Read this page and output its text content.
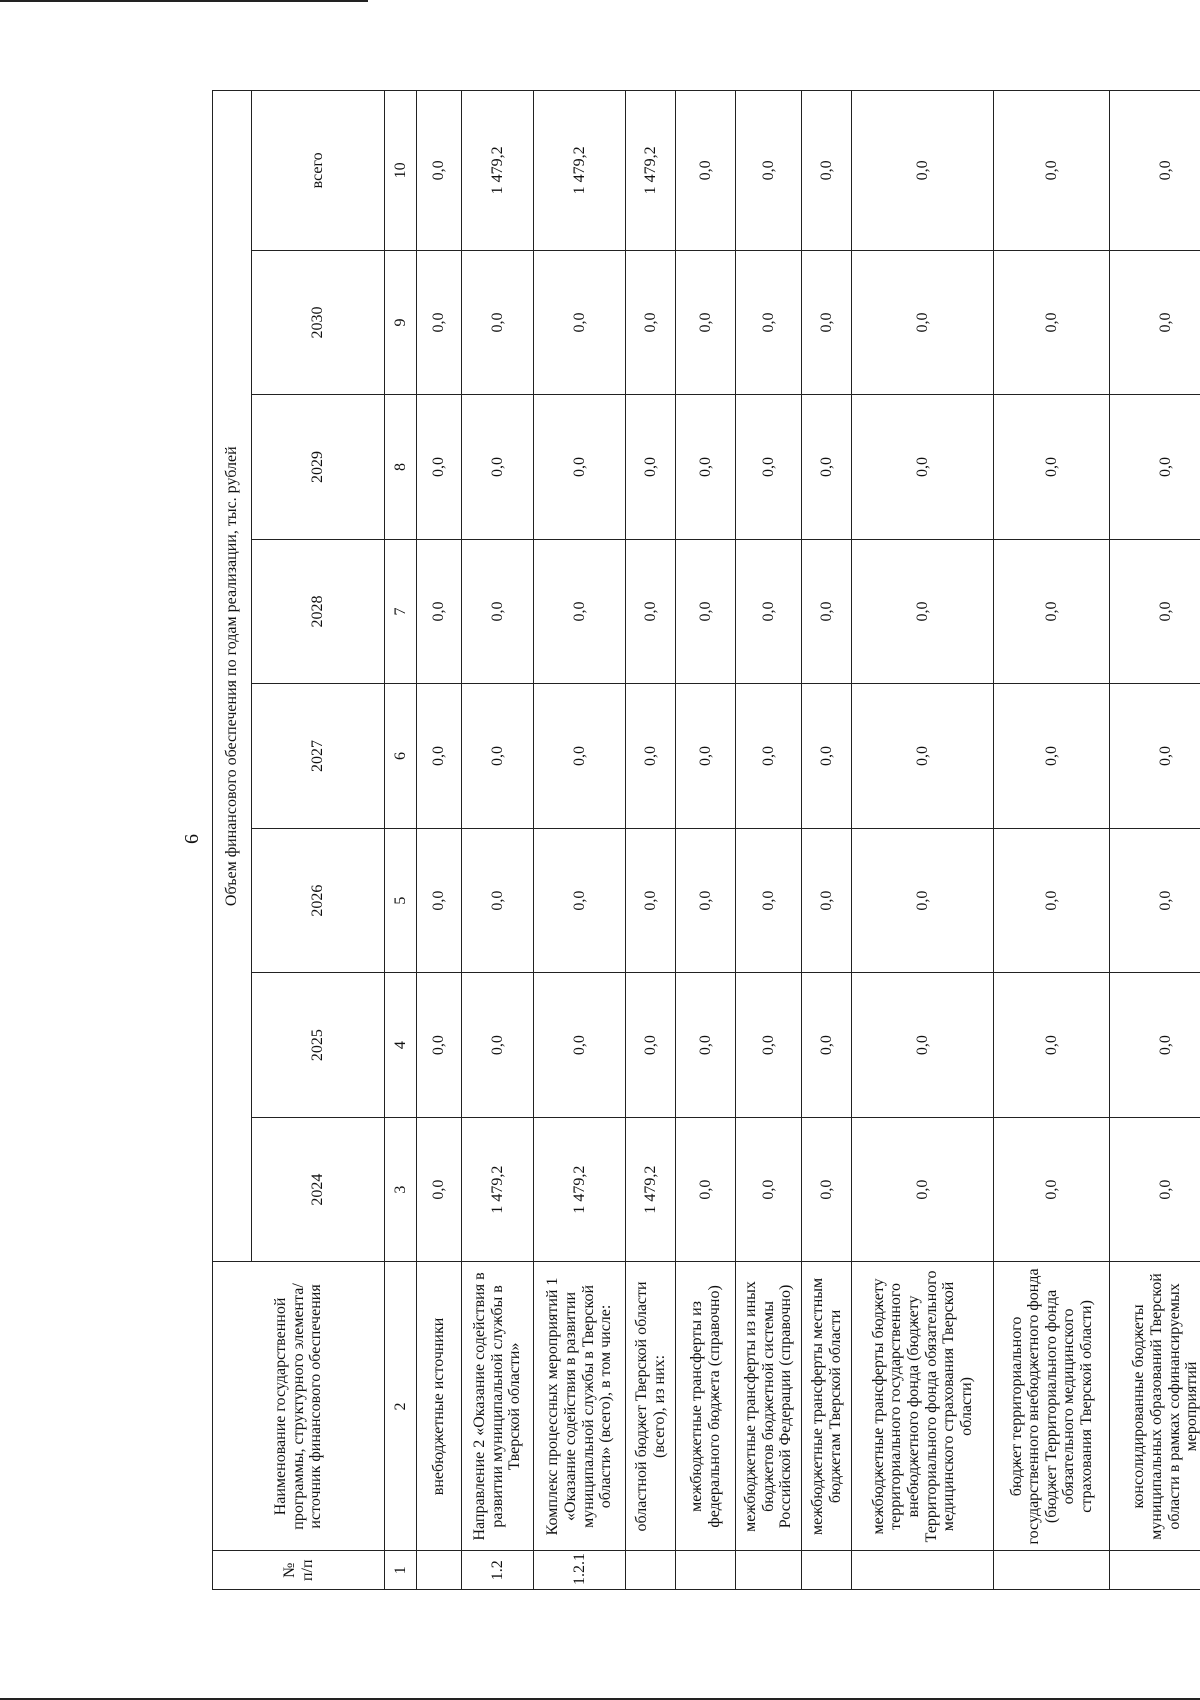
6
№ п/п	Наименование государственной программы, структурного элемента/источник финансового обеспечения	Объем финансового обеспечения по годам реализации, тыс. рублей							
		2024	2025	2026	2027	2028	2029	2030	всего
1	2	3	4	5	6	7	8	9	10
	внебюджетные источники	0,0	0,0	0,0	0,0	0,0	0,0	0,0	0,0
1.2	Направление 2 «Оказание содействия в развитии муниципальной службы в Тверской области»	1 479,2	0,0	0,0	0,0	0,0	0,0	0,0	1 479,2
1.2.1	Комплекс процессных мероприятий 1 «Оказание содействия в развитии муниципальной службы в Тверской области» (всего), в том числе:	1 479,2	0,0	0,0	0,0	0,0	0,0	0,0	1 479,2
	областной бюджет Тверской области (всего), из них:	1 479,2	0,0	0,0	0,0	0,0	0,0	0,0	1 479,2
	межбюджетные трансферты из федерального бюджета (справочно)	0,0	0,0	0,0	0,0	0,0	0,0	0,0	0,0
	межбюджетные трансферты из иных бюджетов бюджетной системы Российской Федерации (справочно)	0,0	0,0	0,0	0,0	0,0	0,0	0,0	0,0
	межбюджетные трансферты местным бюджетам Тверской области	0,0	0,0	0,0	0,0	0,0	0,0	0,0	0,0
	межбюджетные трансферты бюджету территориального государственного внебюджетного фонда (бюджету Территориального фонда обязательного медицинского страхования Тверской области)	0,0	0,0	0,0	0,0	0,0	0,0	0,0	0,0
	бюджет территориального государственного внебюджетного фонда (бюджет Территориального фонда обязательного медицинского страхования Тверской области)	0,0	0,0	0,0	0,0	0,0	0,0	0,0	0,0
	консолидированные бюджеты муниципальных образований Тверской области в рамках софинансируемых мероприятий	0,0	0,0	0,0	0,0	0,0	0,0	0,0	0,0
